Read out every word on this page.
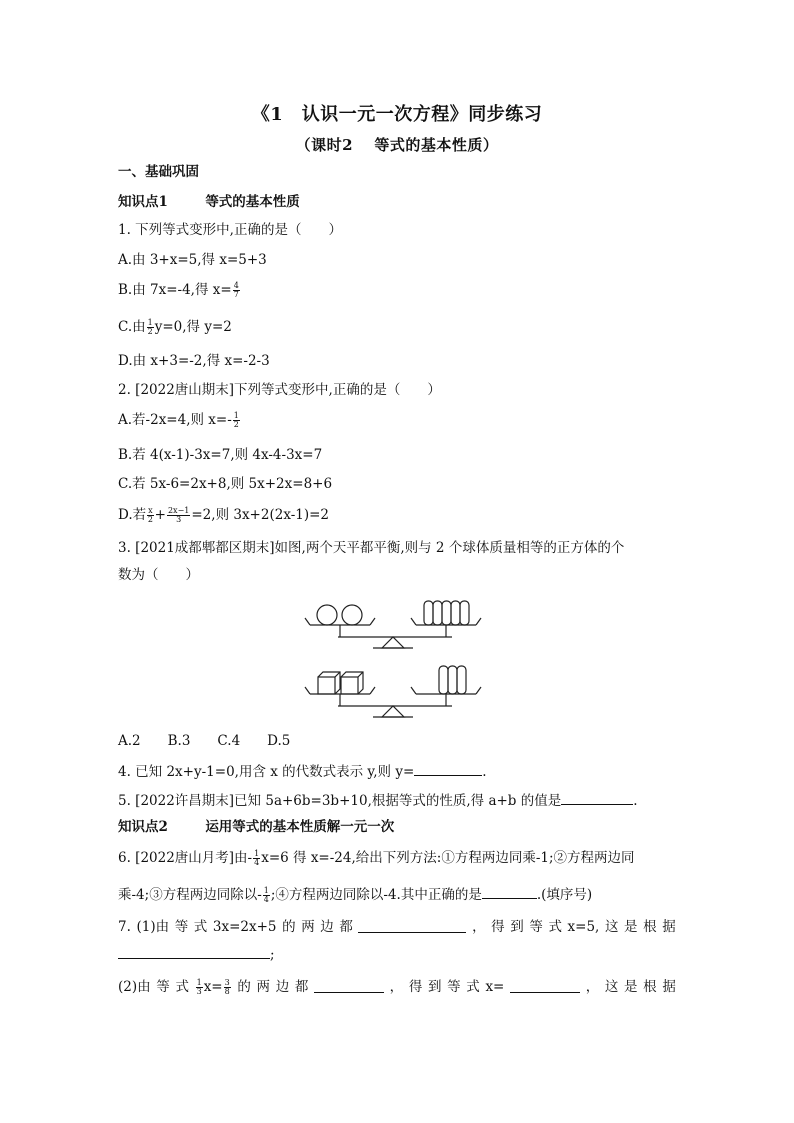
《1　认识一元一次方程》同步练习
（课时2　 等式的基本性质）
一、基础巩固
知识点1	等式的基本性质
1. 下列等式变形中,正确的是（　　）
A.由 3+x=5,得 x=5+3
B.由 7x=-4,得 $x= \frac{4}{7}$
C.由 $\frac{1}{2} y=0$,得 y=2
D.由 x+3=-2,得 x=-2-3
2. [2022唐山期末]下列等式变形中,正确的是（　　）
A.若-2x=4,则 $x=- \frac{1}{2}$
B.若 4(x-1)-3x=7,则 4x-4-3x=7
C.若 5x-6=2x+8,则 5x+2x=8+6
D.若 $\frac{x}{2} + \frac{2x-1}{3} =2$,则 3x+2(2x-1)=2
3. [2021成都郫都区期末]如图,两个天平都平衡,则与 2 个球体质量相等的正方体的个
数为（　　）
A.2　　B.3　　C.4　　D.5
4. 已知 2x+y-1=0,用含 x 的代数式表示 y,则 y=	.
5. [2022许昌期末]已知 5a+6b=3b+10,根据等式的性质,得 a+b 的值是	.
知识点2	运用等式的基本性质解一元一次
6. [2022唐山月考]由- $\frac{1}{4} x=6$ 得 x=-24,给出下列方法:①方程两边同乘-1;②方程两边同
乘-4;③方程两边同除以- $\frac{1}{4}$ ;④方程两边同除以-4.其中正确的是	.(填序号)
7. (1)由 等 式 3x=2x+5 的 两 边 都	， 得 到 等 式 x=5, 这 是 根 据
;
(2)由 等 式 $\frac{1}{3} x= \frac{3}{8}$ 的 两 边 都	， 得 到 等 式 x=	， 这 是 根 据
